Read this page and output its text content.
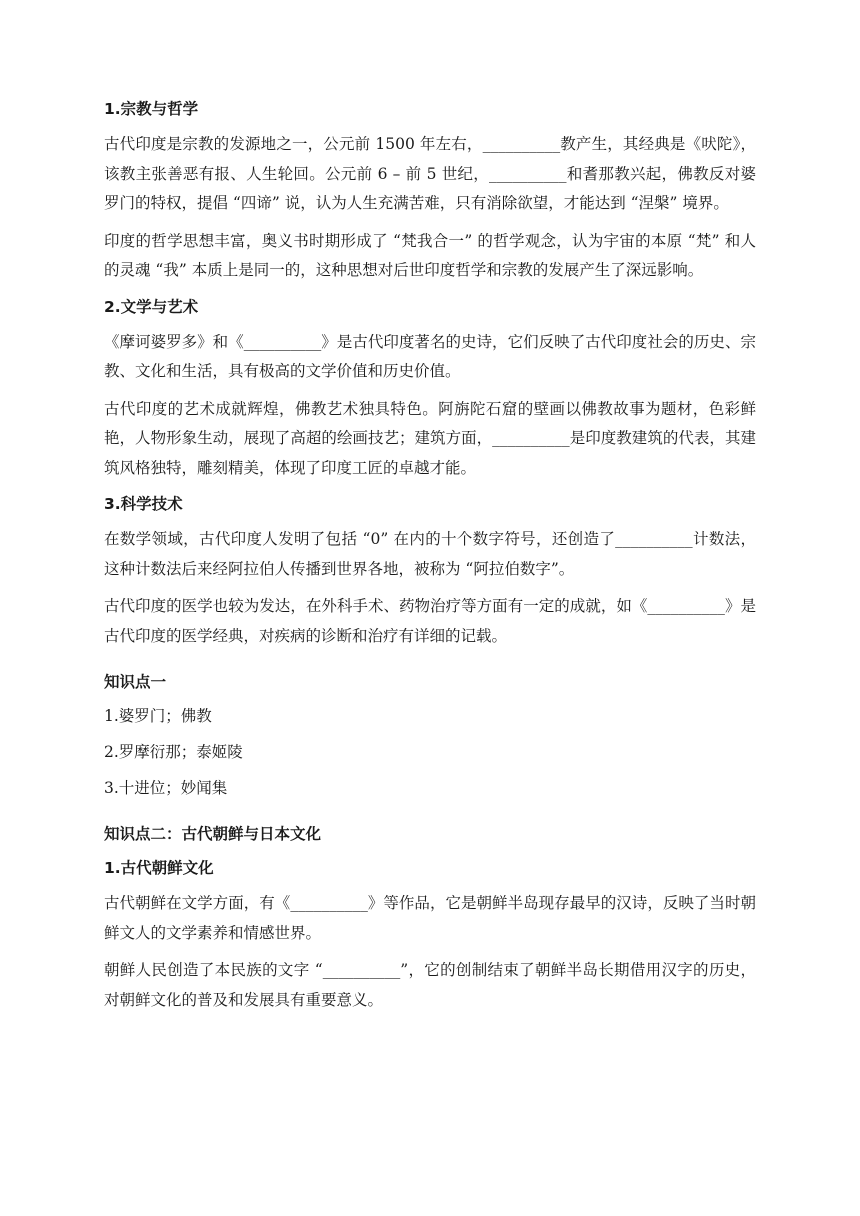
1.宗教与哲学

古代印度是宗教的发源地之一，公元前 1500 年左右，__________教产生，其经典是《吠陀》，该教主张善恶有报、人生轮回。公元前 6 – 前 5 世纪，__________和耆那教兴起，佛教反对婆罗门的特权，提倡 “四谛” 说，认为人生充满苦难，只有消除欲望，才能达到 “涅槃” 境界。

印度的哲学思想丰富，奥义书时期形成了 “梵我合一” 的哲学观念，认为宇宙的本原 “梵” 和人的灵魂 “我” 本质上是同一的，这种思想对后世印度哲学和宗教的发展产生了深远影响。

2.文学与艺术

《摩诃婆罗多》和《__________》是古代印度著名的史诗，它们反映了古代印度社会的历史、宗教、文化和生活，具有极高的文学价值和历史价值。

古代印度的艺术成就辉煌，佛教艺术独具特色。阿旃陀石窟的壁画以佛教故事为题材，色彩鲜艳，人物形象生动，展现了高超的绘画技艺；建筑方面，__________是印度教建筑的代表，其建筑风格独特，雕刻精美，体现了印度工匠的卓越才能。

3.科学技术

在数学领域，古代印度人发明了包括 “0” 在内的十个数字符号，还创造了__________计数法，这种计数法后来经阿拉伯人传播到世界各地，被称为 “阿拉伯数字”。

古代印度的医学也较为发达，在外科手术、药物治疗等方面有一定的成就，如《__________》是古代印度的医学经典，对疾病的诊断和治疗有详细的记载。

知识点一
1.婆罗门；佛教
2.罗摩衍那；泰姬陵
3.十进位；妙闻集
知识点二：古代朝鲜与日本文化
1.古代朝鲜文化

古代朝鲜在文学方面，有《__________》等作品，它是朝鲜半岛现存最早的汉诗，反映了当时朝鲜文人的文学素养和情感世界。

朝鲜人民创造了本民族的文字 “__________”，它的创制结束了朝鲜半岛长期借用汉字的历史，对朝鲜文化的普及和发展具有重要意义。
